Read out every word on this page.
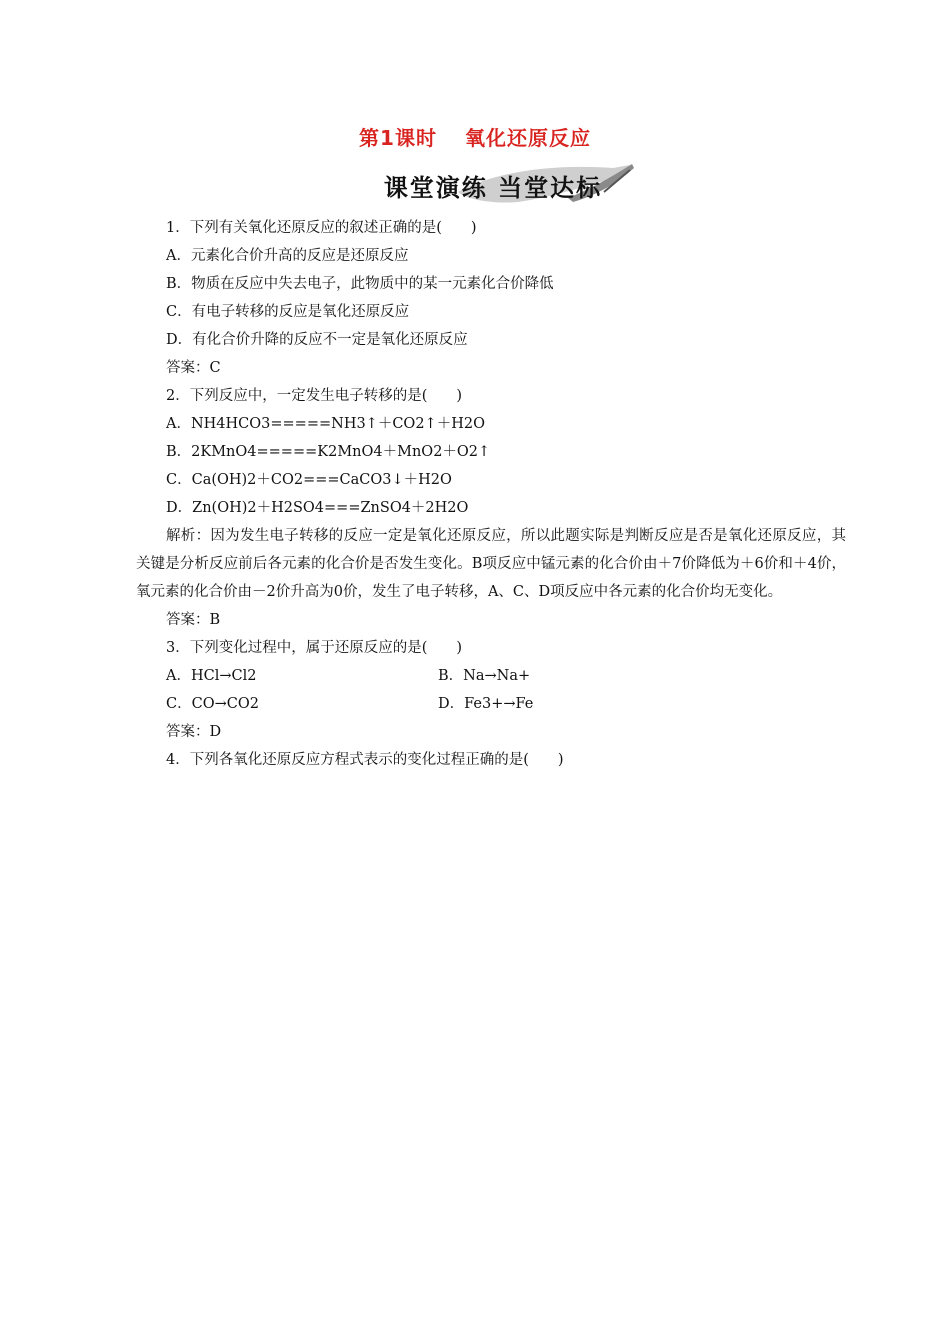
第1课时 氧化还原反应
课堂演练 当堂达标
1．下列有关氧化还原反应的叙述正确的是(　　)
A．元素化合价升高的反应是还原反应
B．物质在反应中失去电子，此物质中的某一元素化合价降低
C．有电子转移的反应是氧化还原反应
D．有化合价升降的反应不一定是氧化还原反应
答案：C
2．下列反应中，一定发生电子转移的是(　　)
A．NH4HCO3=====NH3↑＋CO2↑＋H2O
B．2KMnO4=====K2MnO4＋MnO2＋O2↑
C．Ca(OH)2＋CO2===CaCO3↓＋H2O
D．Zn(OH)2＋H2SO4===ZnSO4＋2H2O
解析：因为发生电子转移的反应一定是氧化还原反应，所以此题实际是判断反应是否是氧化还原反应，其关键是分析反应前后各元素的化合价是否发生变化。B项反应中锰元素的化合价由＋7价降低为＋6价和＋4价，氧元素的化合价由－2价升高为0价，发生了电子转移，A、C、D项反应中各元素的化合价均无变化。
答案：B
3．下列变化过程中，属于还原反应的是(　　)
A．HCl→Cl2	B．Na→Na+
C．CO→CO2	D．Fe3+→Fe
答案：D
4．下列各氧化还原反应方程式表示的变化过程正确的是(　　)
